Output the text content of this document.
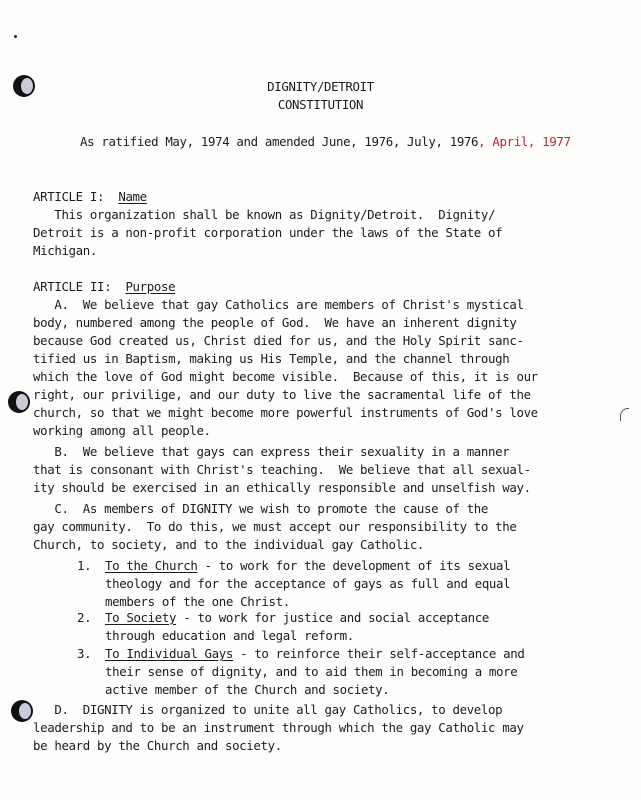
DIGNITY/DETROIT
CONSTITUTION
As ratified May, 1974 and amended June, 1976, July, 1976, April, 1977
ARTICLE I:  Name
This organization shall be known as Dignity/Detroit.  Dignity/
Detroit is a non-profit corporation under the laws of the State of
Michigan.
ARTICLE II:  Purpose
A.  We believe that gay Catholics are members of Christ's mystical
body, numbered among the people of God.  We have an inherent dignity
because God created us, Christ died for us, and the Holy Spirit sanc-
tified us in Baptism, making us His Temple, and the channel through
which the love of God might become visible.  Because of this, it is our
right, our privilige, and our duty to live the sacramental life of the
church, so that we might become more powerful instruments of God's love
working among all people.
B.  We believe that gays can express their sexuality in a manner
that is consonant with Christ's teaching.  We believe that all sexual-
ity should be exercised in an ethically responsible and unselfish way.
C.  As members of DIGNITY we wish to promote the cause of the
gay community.  To do this, we must accept our responsibility to the
Church, to society, and to the individual gay Catholic.
1. To the Church - to work for the development of its sexual
theology and for the acceptance of gays as full and equal
members of the one Christ.
2. To Society - to work for justice and social acceptance
through education and legal reform.
3. To Individual Gays - to reinforce their self-acceptance and
their sense of dignity, and to aid them in becoming a more
active member of the Church and society.
D.  DIGNITY is organized to unite all gay Catholics, to develop
leadership and to be an instrument through which the gay Catholic may
be heard by the Church and society.
